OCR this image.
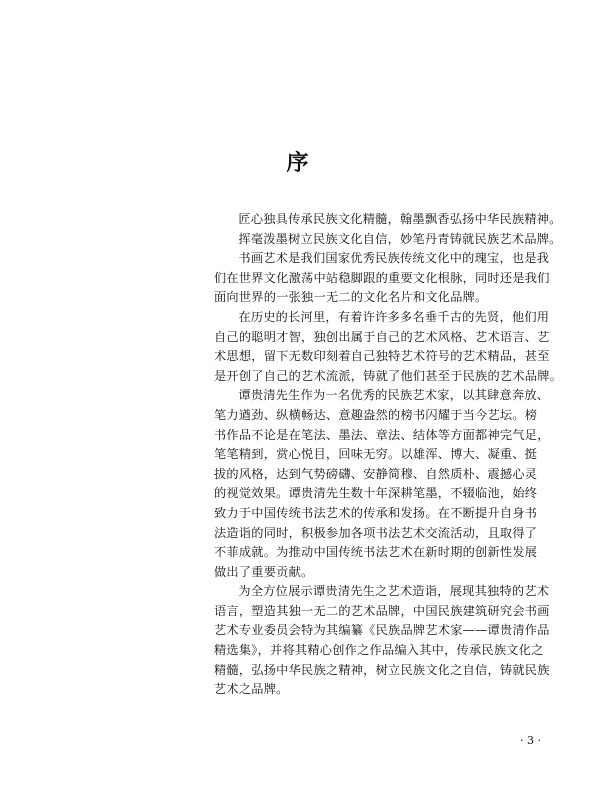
序

匠心独具传承民族文化精髓，翰墨飘香弘扬中华民族精神。

挥毫泼墨树立民族文化自信，妙笔丹青铸就民族艺术品牌。

书画艺术是我们国家优秀民族传统文化中的瑰宝，也是我
们在世界文化激荡中站稳脚跟的重要文化根脉，同时还是我们
面向世界的一张独一无二的文化名片和文化品牌。

在历史的长河里，有着许许多多名垂千古的先贤，他们用
自己的聪明才智，独创出属于自己的艺术风格、艺术语言、艺
术思想，留下无数印刻着自己独特艺术符号的艺术精品，甚至
是开创了自己的艺术流派，铸就了他们甚至于民族的艺术品牌。

谭贵清先生作为一名优秀的民族艺术家，以其肆意奔放、
笔力遒劲、纵横畅达、意趣盎然的榜书闪耀于当今艺坛。榜
书作品不论是在笔法、墨法、章法、结体等方面都神完气足，
笔笔精到，赏心悦目，回味无穷。以雄浑、博大、凝重、挺
拔的风格，达到气势磅礴、安静简穆、自然质朴、震撼心灵
的视觉效果。谭贵清先生数十年深耕笔墨，不辍临池，始终
致力于中国传统书法艺术的传承和发扬。在不断提升自身书
法造诣的同时，积极参加各项书法艺术交流活动，且取得了
不菲成就。为推动中国传统书法艺术在新时期的创新性发展
做出了重要贡献。

为全方位展示谭贵清先生之艺术造诣，展现其独特的艺术
语言，塑造其独一无二的艺术品牌，中国民族建筑研究会书画
艺术专业委员会特为其编纂《民族品牌艺术家——谭贵清作品
精选集》，并将其精心创作之作品编入其中，传承民族文化之
精髓，弘扬中华民族之精神，树立民族文化之自信，铸就民族
艺术之品牌。

· 3 ·
